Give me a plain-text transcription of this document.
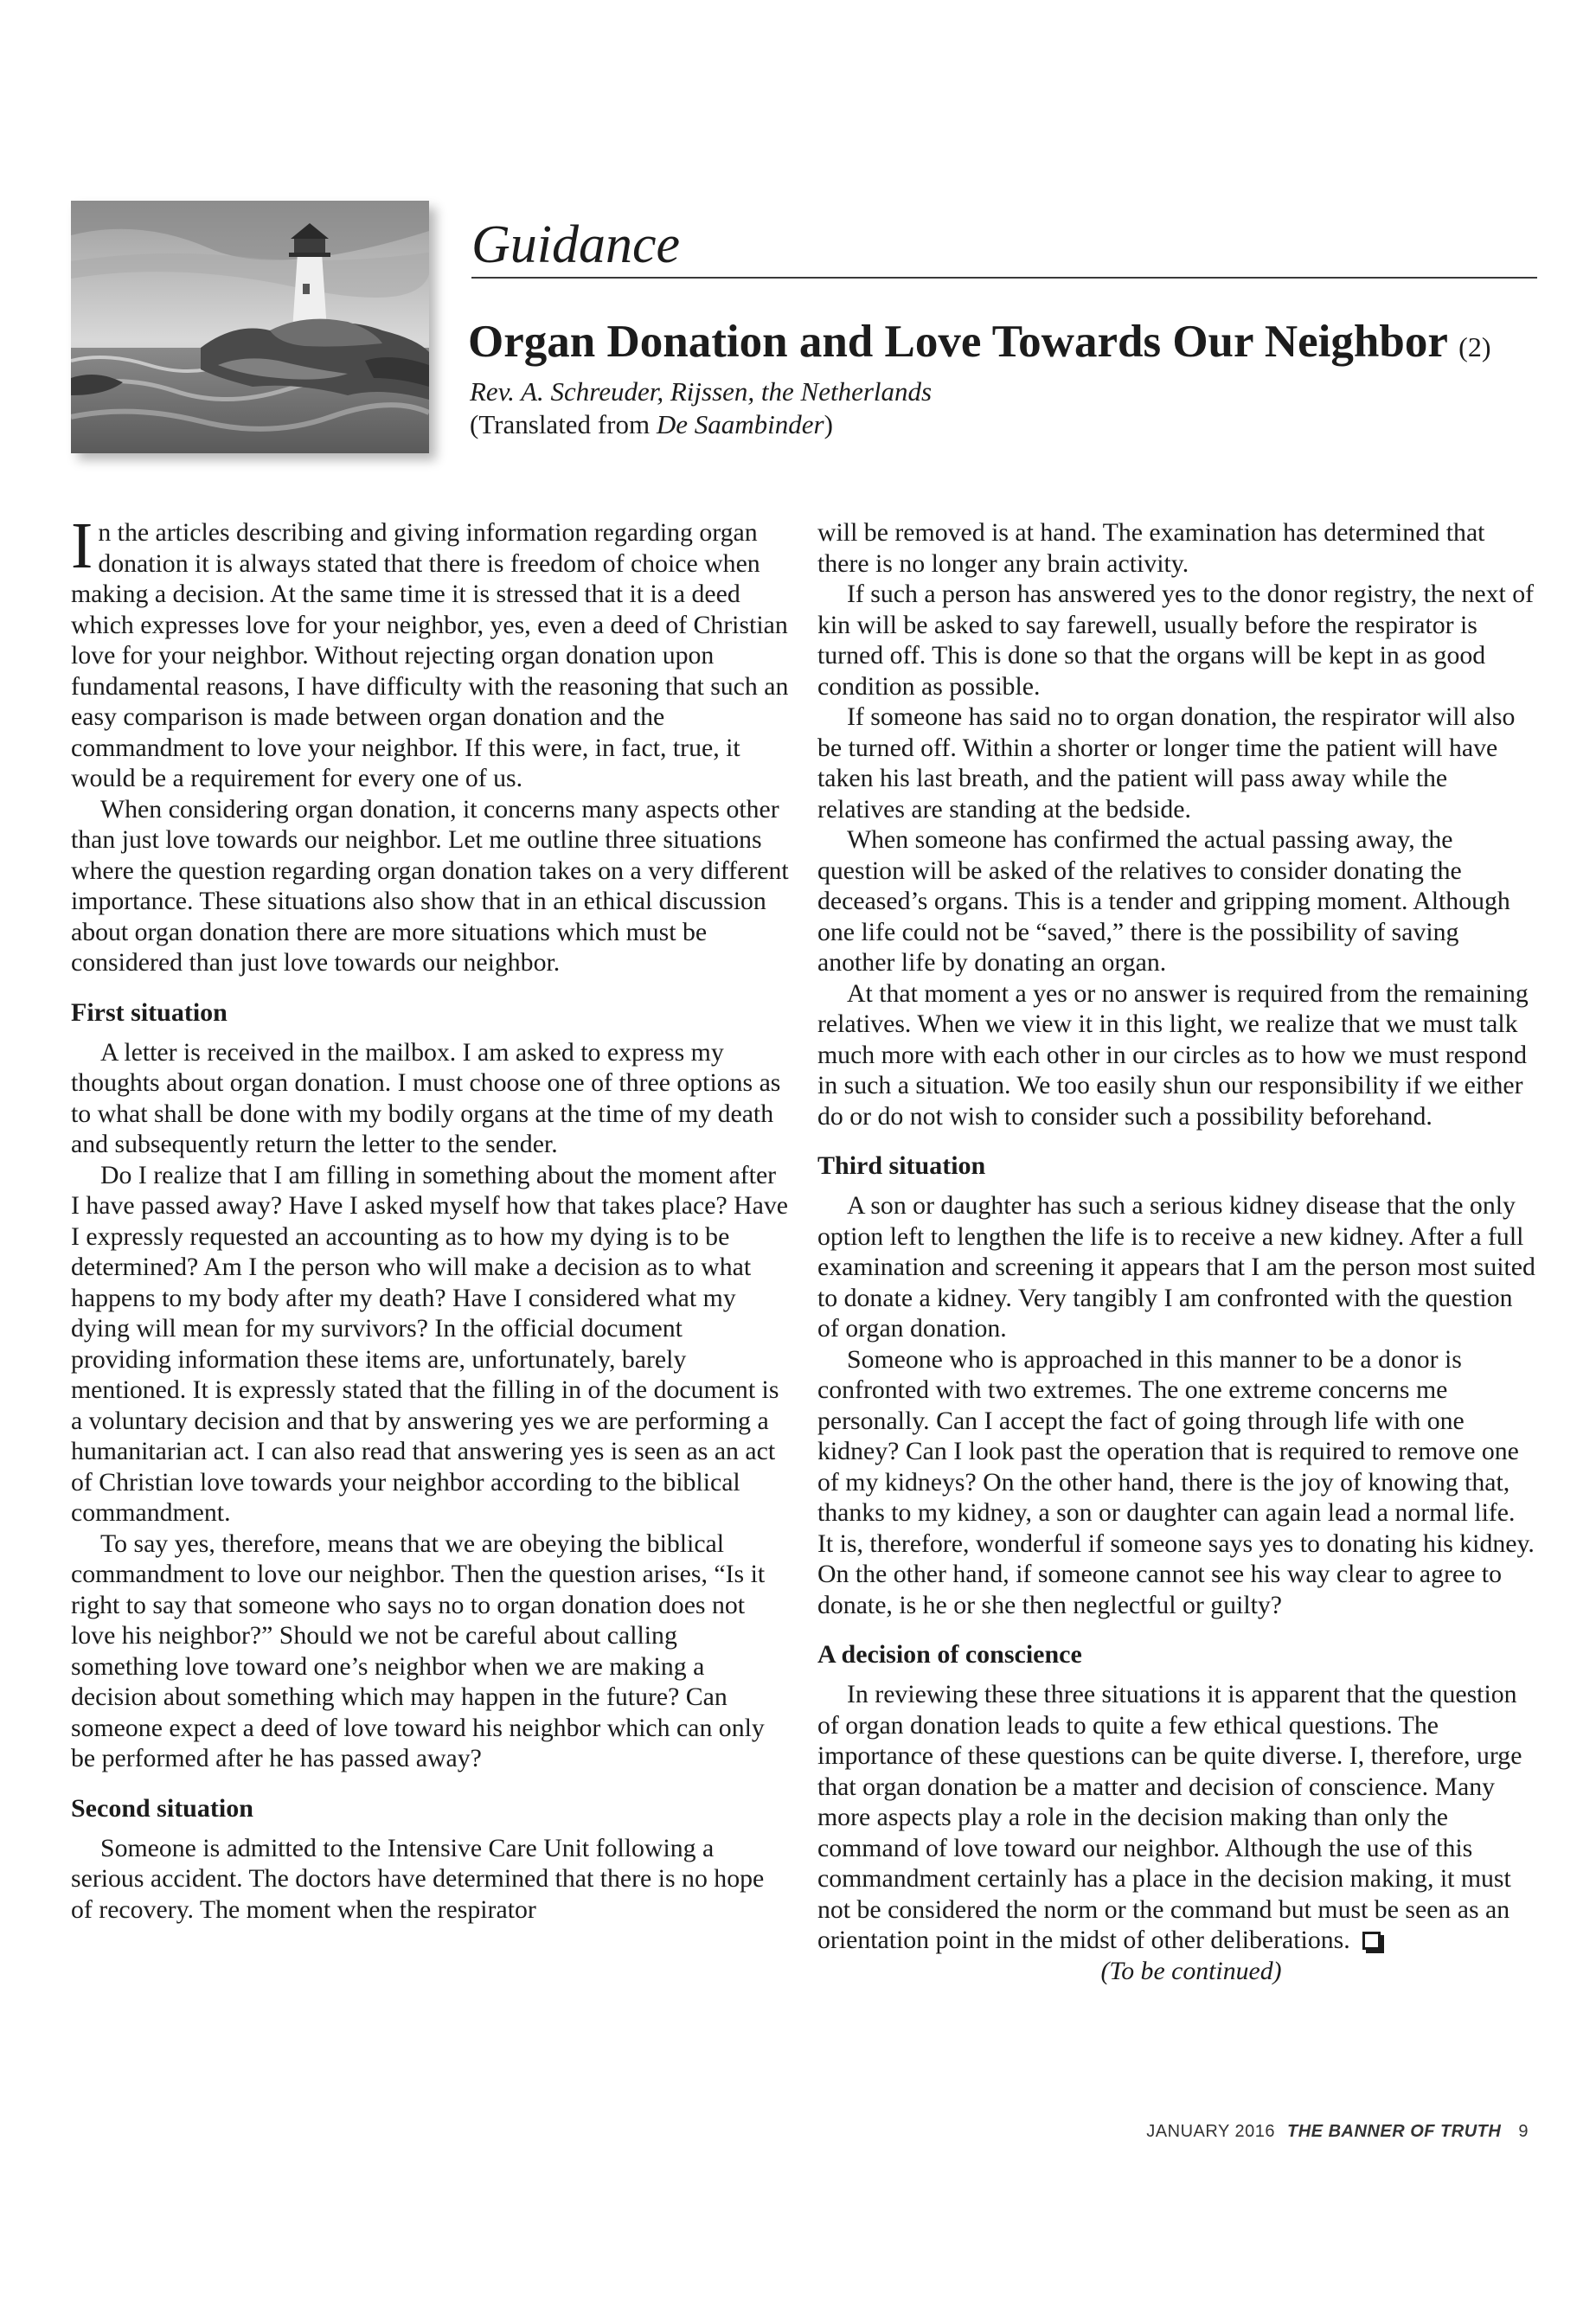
Guidance
Organ Donation and Love Towards Our Neighbor (2)

Rev. A. Schreuder, Rijssen, the Netherlands

(Translated from De Saambinder)

In the articles describing and giving information regarding organ donation it is always stated that there is freedom of choice when making a decision. At the same time it is stressed that it is a deed which expresses love for your neighbor, yes, even a deed of Christian love for your neighbor. Without rejecting organ donation upon fundamental reasons, I have difficulty with the reasoning that such an easy comparison is made between organ donation and the commandment to love your neighbor. If this were, in fact, true, it would be a requirement for every one of us.

When considering organ donation, it concerns many aspects other than just love towards our neighbor. Let me outline three situations where the question regarding organ donation takes on a very different importance. These situations also show that in an ethical discussion about organ donation there are more situations which must be considered than just love towards our neighbor.

First situation

A letter is received in the mailbox. I am asked to express my thoughts about organ donation. I must choose one of three options as to what shall be done with my bodily organs at the time of my death and subsequently return the letter to the sender.

Do I realize that I am filling in something about the moment after I have passed away? Have I asked myself how that takes place? Have I expressly requested an accounting as to how my dying is to be determined? Am I the person who will make a decision as to what happens to my body after my death? Have I considered what my dying will mean for my survivors? In the official document providing information these items are, unfortunately, barely mentioned. It is expressly stated that the filling in of the document is a voluntary decision and that by answering yes we are performing a humanitarian act. I can also read that answering yes is seen as an act of Christian love towards your neighbor according to the biblical commandment.

To say yes, therefore, means that we are obeying the biblical commandment to love our neighbor. Then the question arises, “Is it right to say that someone who says no to organ donation does not love his neighbor?” Should we not be careful about calling something love toward one’s neighbor when we are making a decision about something which may happen in the future? Can someone expect a deed of love toward his neighbor which can only be performed after he has passed away?

Second situation

Someone is admitted to the Intensive Care Unit following a serious accident. The doctors have determined that there is no hope of recovery. The moment when the respirator

will be removed is at hand. The examination has determined that there is no longer any brain activity.

If such a person has answered yes to the donor registry, the next of kin will be asked to say farewell, usually before the respirator is turned off. This is done so that the organs will be kept in as good condition as possible.

If someone has said no to organ donation, the respirator will also be turned off. Within a shorter or longer time the patient will have taken his last breath, and the patient will pass away while the relatives are standing at the bedside.

When someone has confirmed the actual passing away, the question will be asked of the relatives to consider donating the deceased’s organs. This is a tender and gripping moment. Although one life could not be “saved,” there is the possibility of saving another life by donating an organ.

At that moment a yes or no answer is required from the remaining relatives. When we view it in this light, we realize that we must talk much more with each other in our circles as to how we must respond in such a situation. We too easily shun our responsibility if we either do or do not wish to consider such a possibility beforehand.

Third situation

A son or daughter has such a serious kidney disease that the only option left to lengthen the life is to receive a new kidney. After a full examination and screening it appears that I am the person most suited to donate a kidney. Very tangibly I am confronted with the question of organ donation.

Someone who is approached in this manner to be a donor is confronted with two extremes. The one extreme concerns me personally. Can I accept the fact of going through life with one kidney? Can I look past the operation that is required to remove one of my kidneys? On the other hand, there is the joy of knowing that, thanks to my kidney, a son or daughter can again lead a normal life. It is, therefore, wonderful if someone says yes to donating his kidney. On the other hand, if someone cannot see his way clear to agree to donate, is he or she then neglectful or guilty?

A decision of conscience

In reviewing these three situations it is apparent that the question of organ donation leads to quite a few ethical questions. The importance of these questions can be quite diverse. I, therefore, urge that organ donation be a matter and decision of conscience. Many more aspects play a role in the decision making than only the command of love toward our neighbor. Although the use of this commandment certainly has a place in the decision making, it must not be considered the norm or the command but must be seen as an orientation point in the midst of other deliberations.

(To be continued)

JANUARY 2016 THE BANNER OF TRUTH 9
